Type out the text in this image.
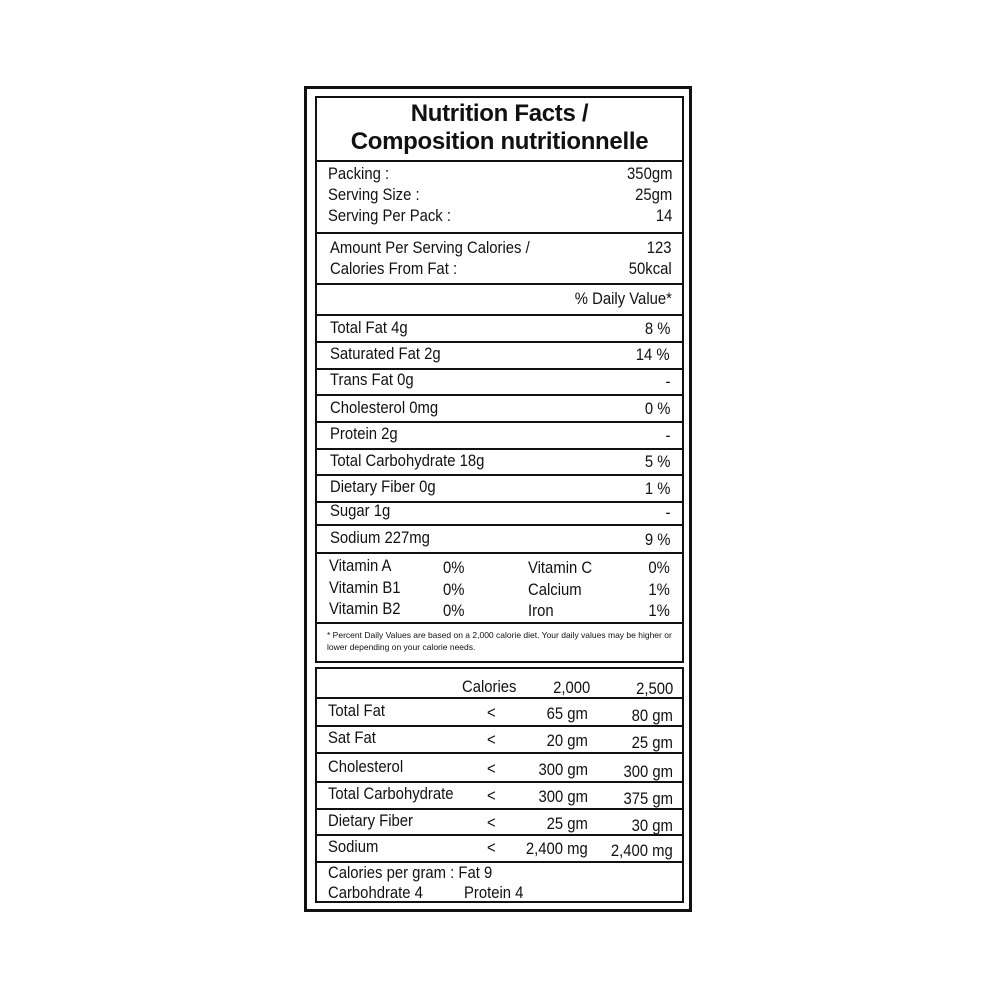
Nutrition Facts /
Composition nutritionnelle
Packing :	350gm
Serving Size :	25gm
Serving Per Pack :	14
Amount Per Serving Calories /	123
Calories From Fat :	50kcal
% Daily Value*
Total Fat 4g	8 %
Saturated Fat 2g	14 %
Trans Fat 0g	-
Cholesterol 0mg	0 %
Protein 2g	-
Total Carbohydrate 18g	5 %
Dietary Fiber 0g	1 %
Sugar 1g	-
Sodium 227mg	9 %
Vitamin A	0%	Vitamin C	0%
Vitamin B1	0%	Calcium	1%
Vitamin B2	0%	Iron	1%
* Percent Daily Values are based on a 2,000 calorie diet. Your daily values may be higher or lower depending on your calorie needs.
Calories 2,000	2,500
Total Fat	<	65 gm	80 gm
Sat Fat	<	20 gm	25 gm
Cholesterol	<	300 gm 300 gm
Total Carbohydrate <	300 gm 375 gm
Dietary Fiber	<	25 gm	30 gm
Sodium	< 2,400 mg 2,400 mg
Calories per gram : Fat 9
Carbohdrate 4 Protein 4
